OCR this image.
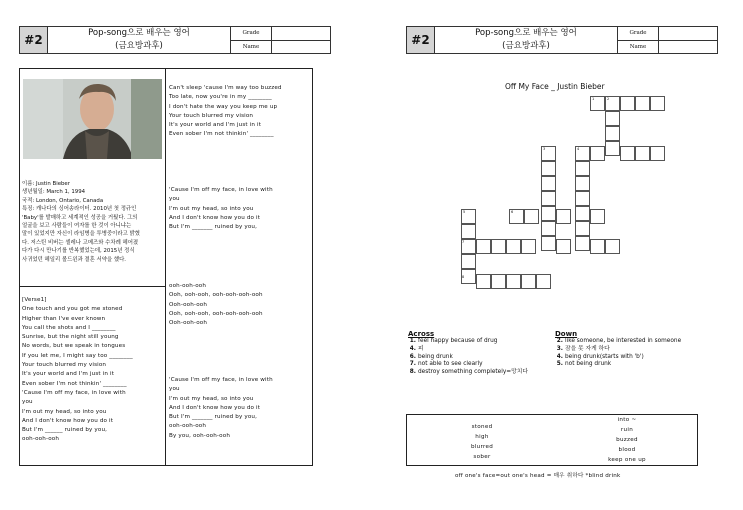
#2	Pop-song으로 배우는 영어
(금요방과후)	Grade	
		Name	
이름: Justin Bieber
생년월일: March 1, 1994
국적: London, Ontario, Canada
특징: 캐나다의 싱어송라이터. 2010년 첫 정규인
'Baby'를 발매하고 세계적인 성공을 거뒀다. 그의
얼굴을 보고 사람들이 여자를 한 것이 아니냐는
말이 있었지만 자신이 라임병을 투병중이라고 밝혔
다. 저스틴 비버는 셀레나 고메즈와 수차례 헤어졌
다가 다시 만나기를 반복했었는데, 2015년 정식
사귀었던 헤일리 볼드윈과 결혼 서약을 했다.
[Verse1]
One touch and you got me stoned
Higher than I've ever known
You call the shots and I ________
Sunrise, but the night still young
No words, but we speak in tongues
If you let me, I might say too ________
Your touch blurred my vision
It's your world and I'm just in it
Even sober I'm not thinkin' ________
'Cause I'm off my face, in love with
you
I'm out my head, so into you
And I don't know how you do it
But I'm ______ ruined by you,
ooh-ooh-ooh
Can't sleep 'cause I'm way too buzzed
Too late, now you're in my ________
I don't hate the way you keep me up
Your touch blurred my vision
It's your world and I'm just in it
Even sober I'm not thinkin' ________
'Cause I'm off my face, in love with
you
I'm out my head, so into you
And I don't know how you do it
But I'm _______ ruined by you,
ooh-ooh-ooh
Ooh, ooh-ooh, ooh-ooh-ooh-ooh
Ooh-ooh-ooh
Ooh, ooh-ooh, ooh-ooh-ooh-ooh
Ooh-ooh-ooh
'Cause I'm off my face, in love with
you
I'm out my head, so into you
And I don't know how you do it
But I'm _______ ruined by you,
ooh-ooh-ooh
By you, ooh-ooh-ooh
#2	Pop-song으로 배우는 영어
(금요방과후)	Grade	
		Name	
Off My Face _ Justin Bieber
1	2
4
3
5	6
7
8
Across
1. feel happy because of drug
4. 피
6. being drunk
7. not able to see clearly
8. destroy something completely=망치다
Down
2. like someone, be interested in someone
3. 잠을 못 자게 하다
4. being drunk(starts with 'b')
5. not being drunk
stoned
high
blurred
sober
into ~
ruin
buzzed
blood
keep one up
off one's face=out one's head = 매우 취하다 *blind drink
